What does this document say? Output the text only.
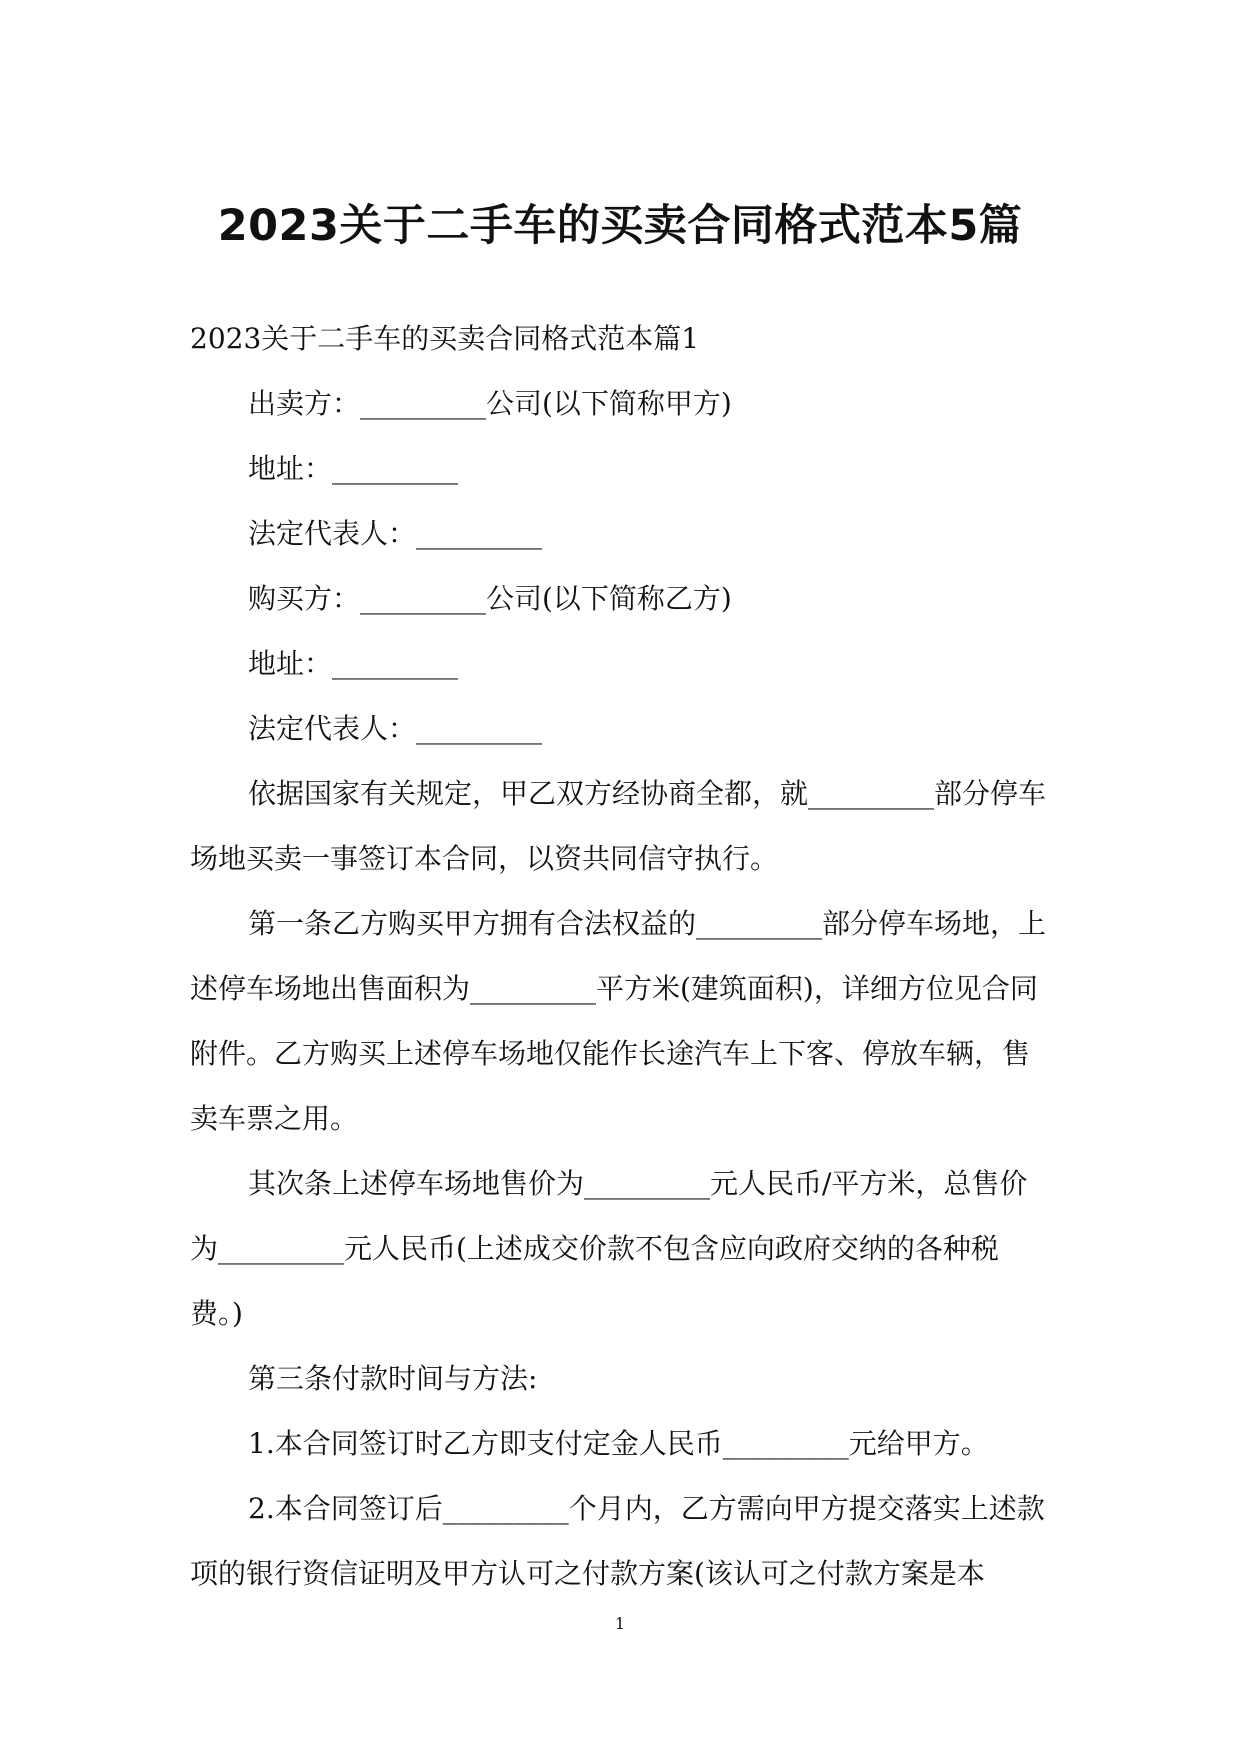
2023关于二手车的买卖合同格式范本5篇

2023关于二手车的买卖合同格式范本篇1

出卖方：_________公司(以下简称甲方)

地址：_________

法定代表人：_________

购买方：_________公司(以下简称乙方)

地址：_________

法定代表人：_________

依据国家有关规定，甲乙双方经协商全都，就_________部分停车场地买卖一事签订本合同，以资共同信守执行。

第一条乙方购买甲方拥有合法权益的_________部分停车场地，上述停车场地出售面积为_________平方米(建筑面积)，详细方位见合同附件。乙方购买上述停车场地仅能作长途汽车上下客、停放车辆，售卖车票之用。

其次条上述停车场地售价为_________元人民币/平方米，总售价为_________元人民币(上述成交价款不包含应向政府交纳的各种税费。)

第三条付款时间与方法:

1.本合同签订时乙方即支付定金人民币_________元给甲方。

2.本合同签订后_________个月内，乙方需向甲方提交落实上述款项的银行资信证明及甲方认可之付款方案(该认可之付款方案是本

1
